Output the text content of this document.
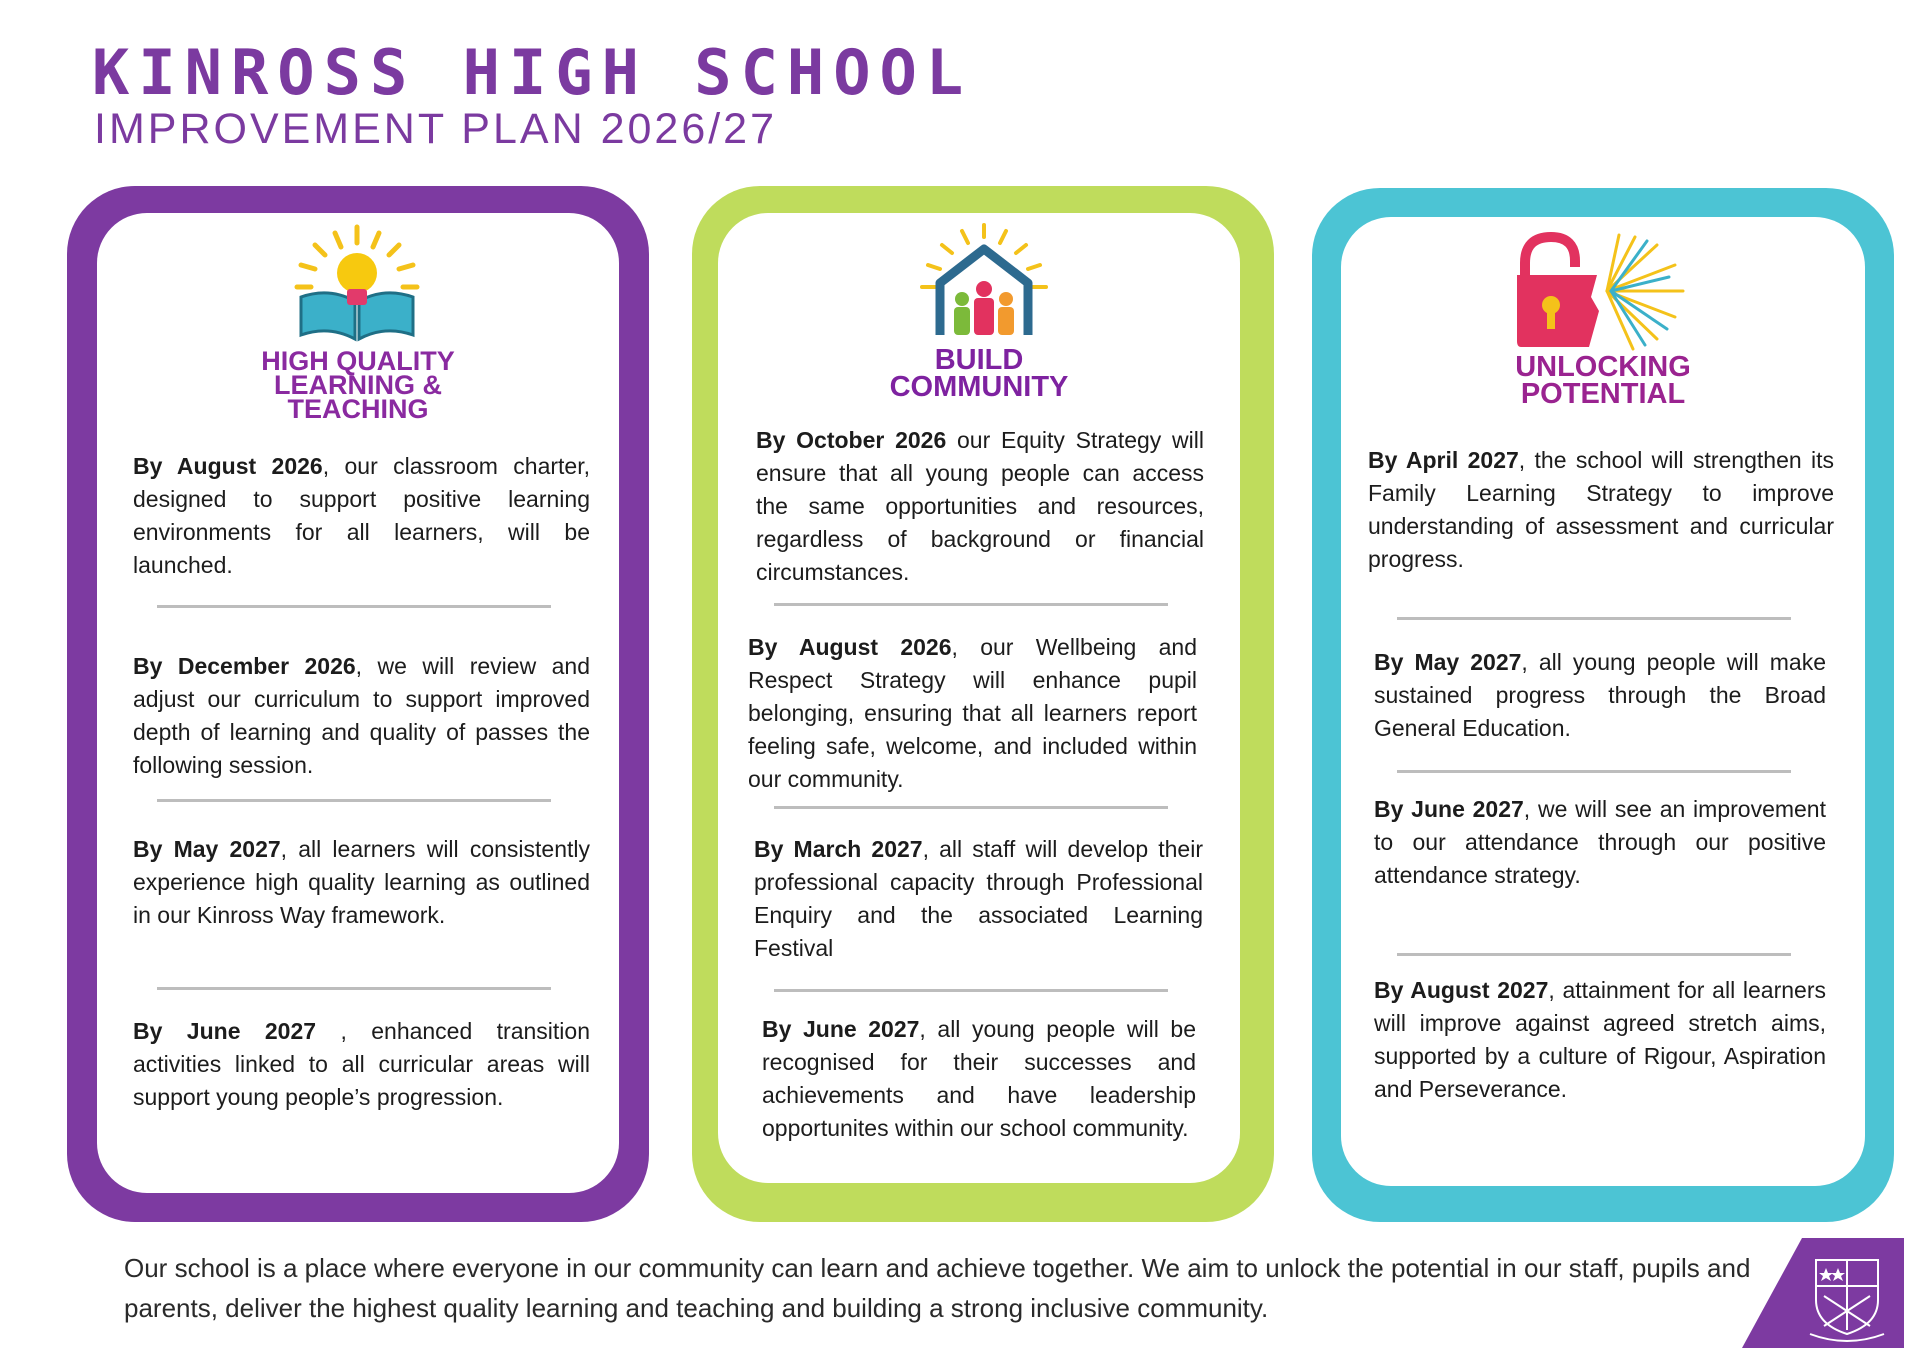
KINROSS HIGH SCHOOL
IMPROVEMENT PLAN 2026/27
HIGH QUALITY
LEARNING &
TEACHING
By August 2026, our classroom charter, designed to support positive learning environments for all learners, will be launched.
By December 2026, we will review and adjust our curriculum to support improved depth of learning and quality of passes the following session.
By May 2027, all learners will consistently experience high quality learning as outlined in our Kinross Way framework.
By June 2027 , enhanced transition activities linked to all curricular areas will support young people’s progression.
BUILD
COMMUNITY
By October 2026 our Equity Strategy will ensure that all young people can access the same opportunities and resources, regardless of background or financial circumstances.
By August 2026, our Wellbeing and Respect Strategy will enhance pupil belonging, ensuring that all learners report feeling safe, welcome, and included within our community.
By March 2027, all staff will develop their professional capacity through Professional Enquiry and the associated Learning Festival
By June 2027, all young people will be recognised for their successes and achievements and have leadership opportunites within our school community.
UNLOCKING
POTENTIAL
By April 2027, the school will strengthen its Family Learning Strategy to improve understanding of assessment and curricular progress.
By May 2027, all young people will make sustained progress through the Broad General Education.
By June 2027, we will see an improvement to our attendance through our positive attendance strategy.
By August 2027, attainment for all learners will improve against agreed stretch aims, supported by a culture of Rigour, Aspiration and Perseverance.
Our school is a place where everyone in our community can learn and achieve together. We aim to unlock the potential in our staff, pupils and parents, deliver the highest quality learning and teaching and building a strong inclusive community.
